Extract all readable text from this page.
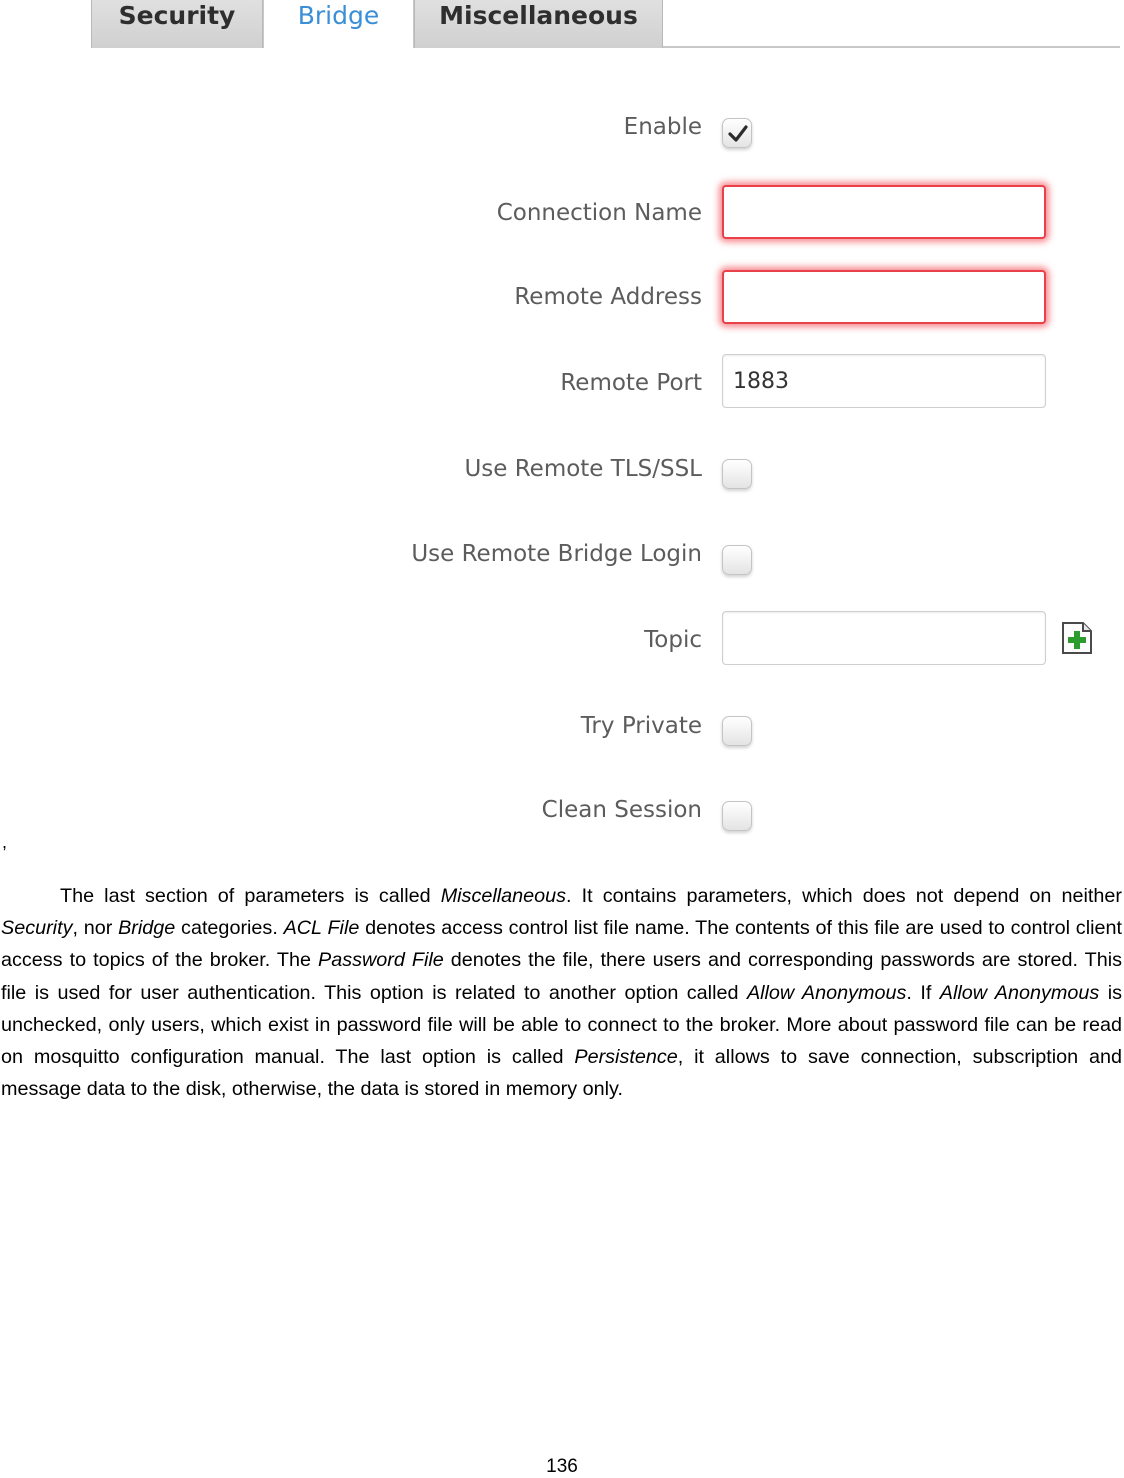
Security	Bridge	Miscellaneous
Enable
Connection Name
Remote Address
Remote Port
1883
Use Remote TLS/SSL
Use Remote Bridge Login
Topic
Try Private
Clean Session
,

The last section of parameters is called Miscellaneous. It contains parameters, which does not depend on neither Security, nor Bridge categories. ACL File denotes access control list file name. The contents of this file are used to control client access to topics of the broker. The Password File denotes the file, there users and corresponding passwords are stored. This file is used for user authentication. This option is related to another option called Allow Anonymous. If Allow Anonymous is unchecked, only users, which exist in password file will be able to connect to the broker. More about password file can be read on mosquitto configuration manual. The last option is called Persistence, it allows to save connection, subscription and message data to the disk, otherwise, the data is stored in memory only.

136
